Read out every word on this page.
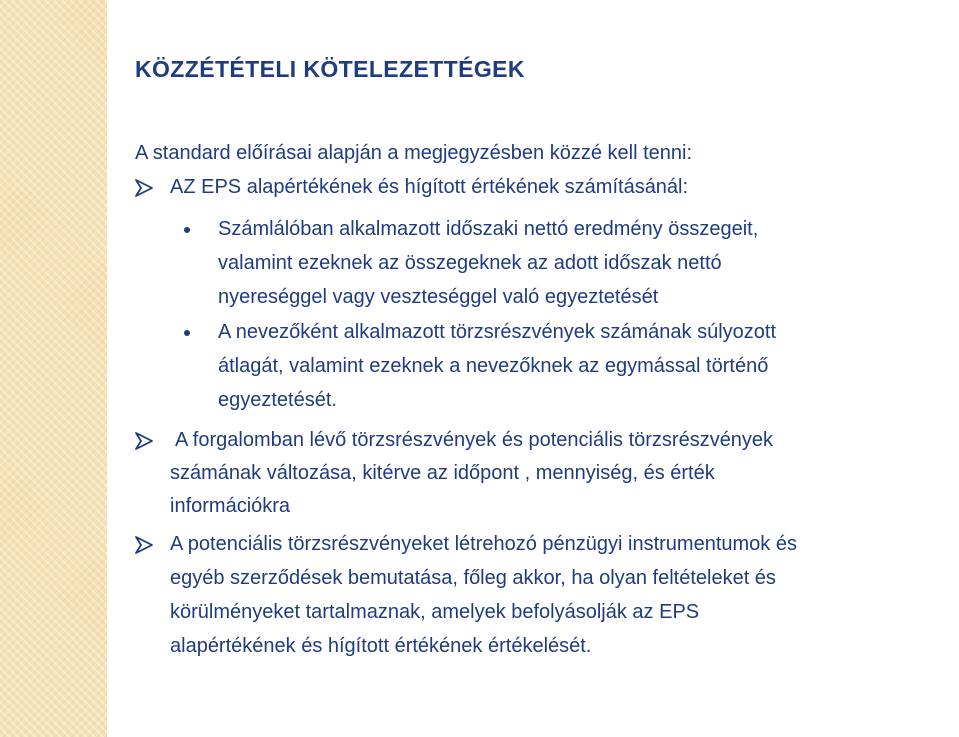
KÖZZÉTÉTELI KÖTELEZETTÉGEK

A standard előírásai alapján a megjegyzésben közzé kell tenni:

AZ EPS alapértékének és hígított értékének számításánál:

Számlálóban alkalmazott időszaki nettó eredmény összegeit,

valamint ezeknek az összegeknek az adott időszak nettó

nyereséggel vagy veszteséggel való egyeztetését

A nevezőként alkalmazott törzsrészvények számának súlyozott

átlagát, valamint ezeknek a nevezőknek az egymással történő

egyeztetését.

A forgalomban lévő törzsrészvények és potenciális törzsrészvények

számának változása, kitérve az időpont , mennyiség, és érték

információkra

A potenciális törzsrészvényeket létrehozó pénzügyi instrumentumok és

egyéb szerződések bemutatása, főleg akkor, ha olyan feltételeket és

körülményeket tartalmaznak, amelyek befolyásolják az EPS

alapértékének és hígított értékének értékelését.
